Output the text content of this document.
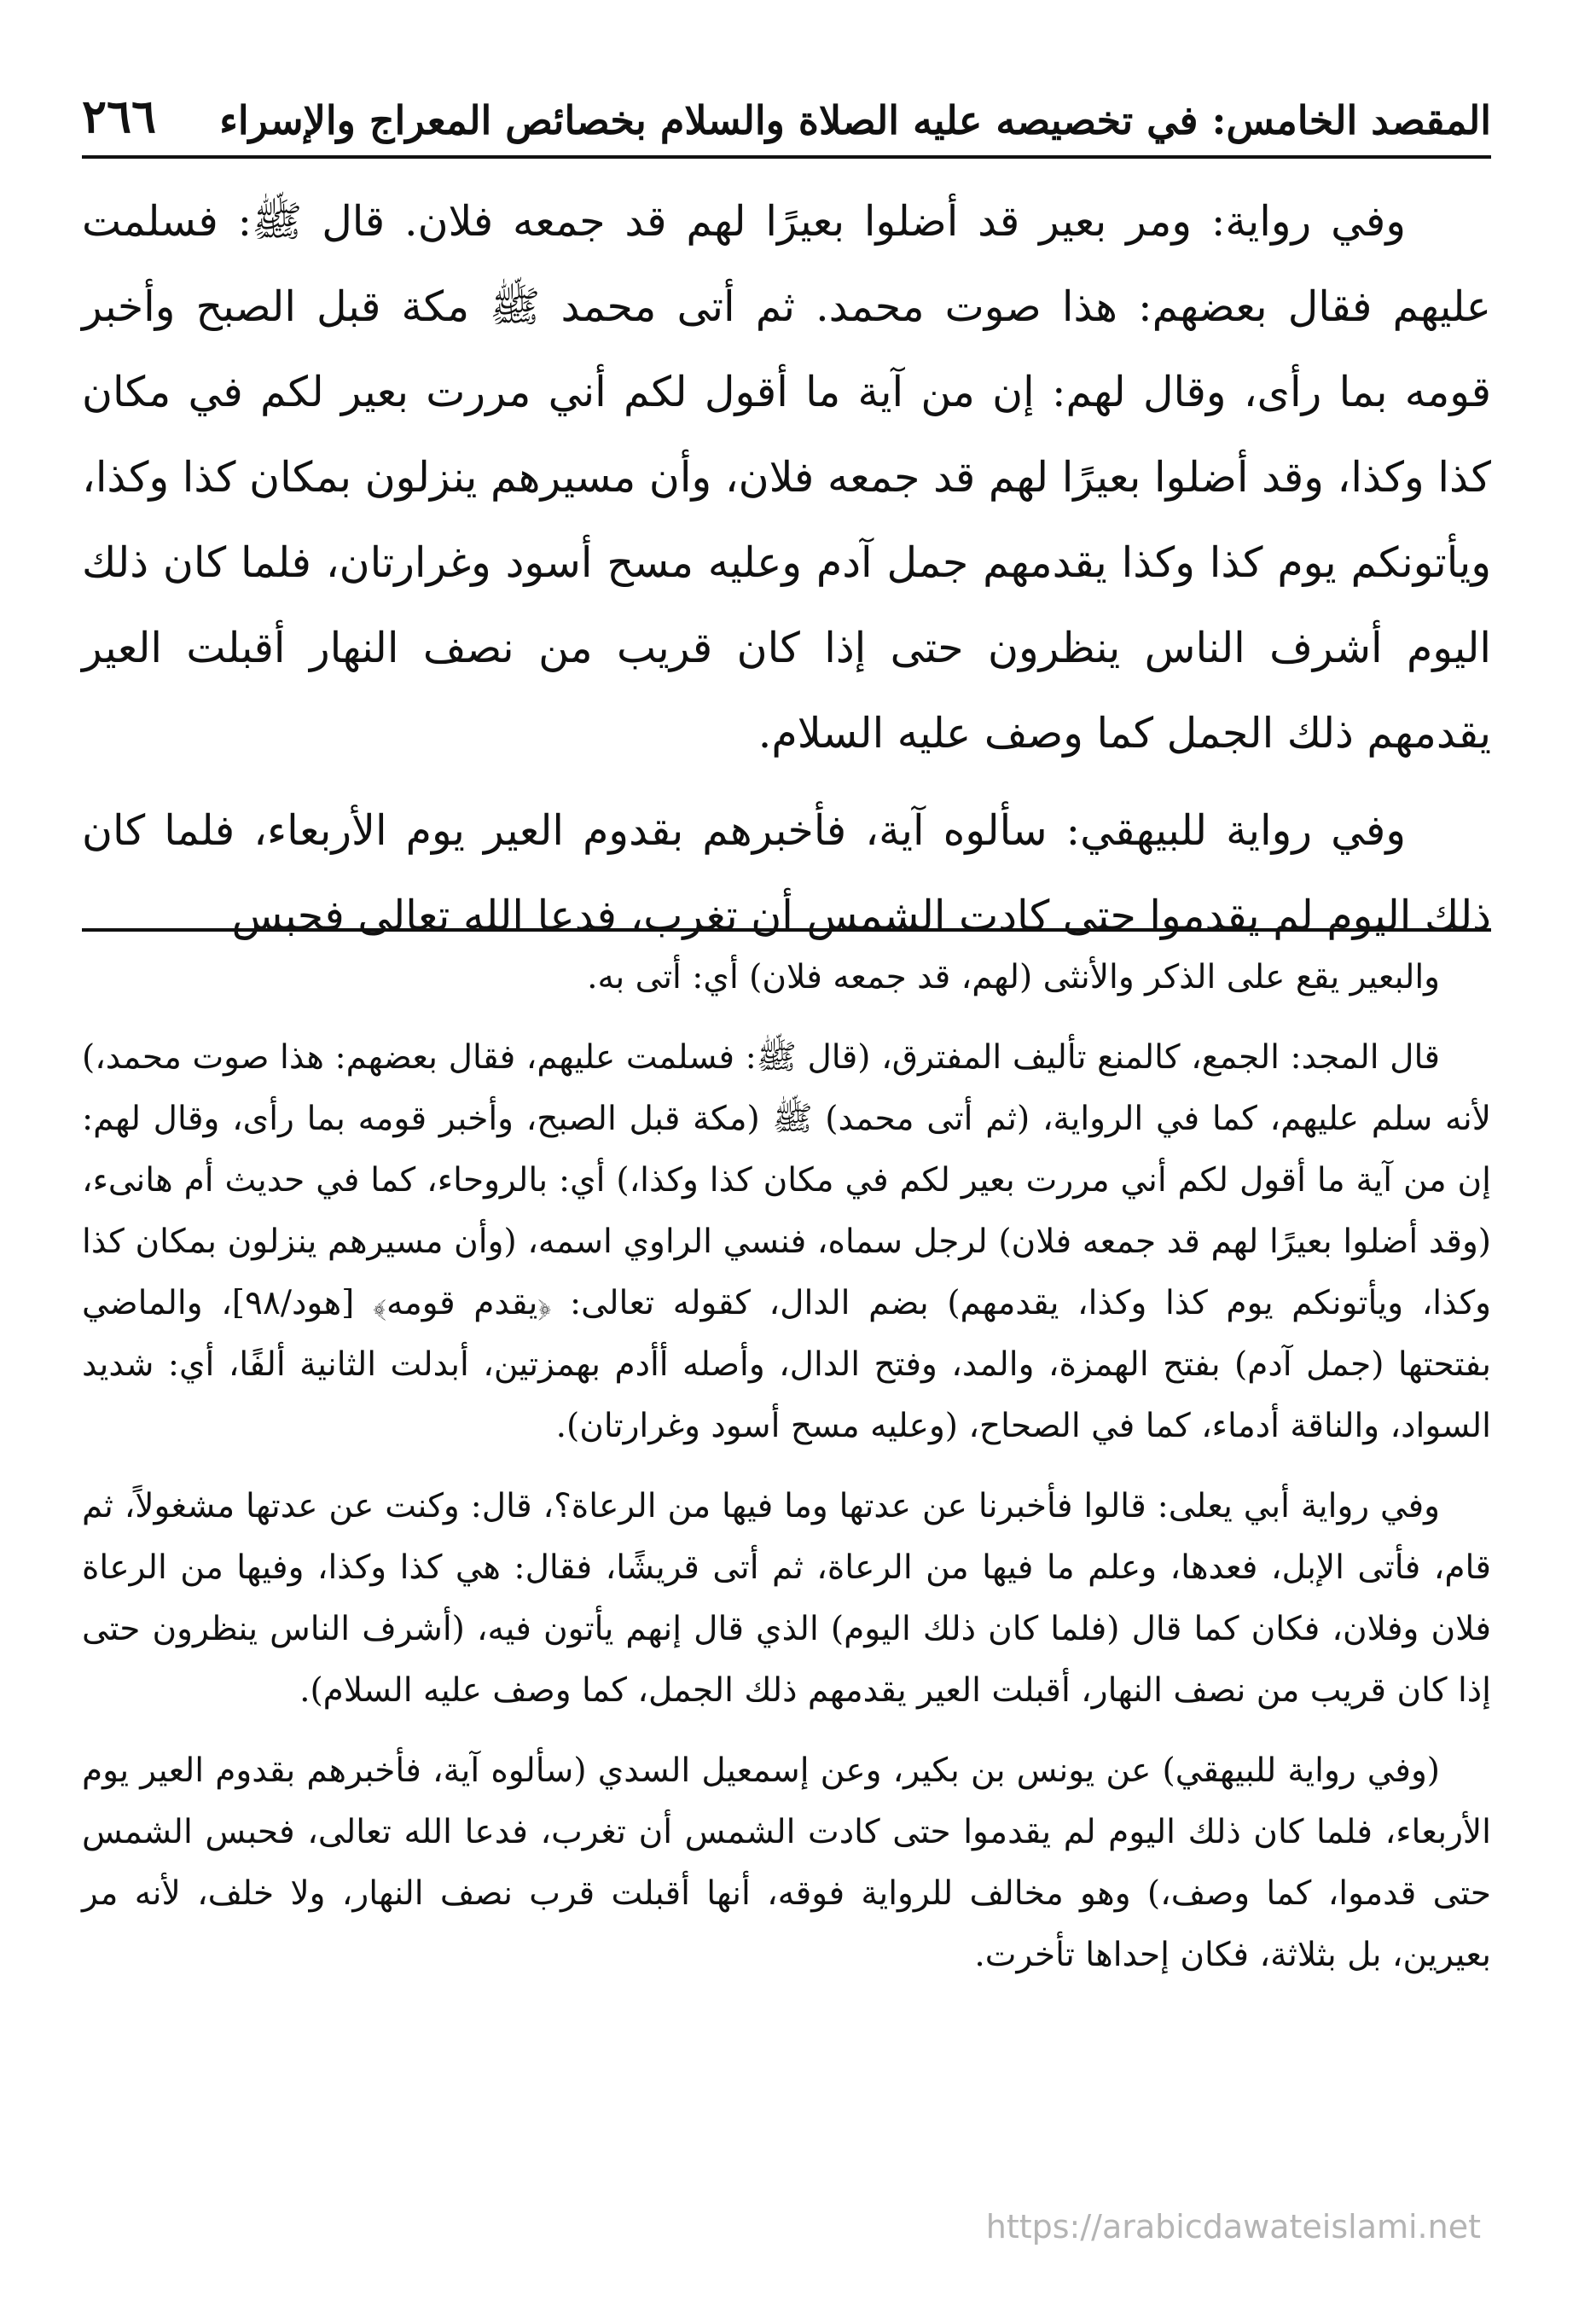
المقصد الخامس: في تخصيصه عليه الصلاة والسلام بخصائص المعراج والإسراء
٢٦٦

وفي رواية: ومر بعير قد أضلوا بعيرًا لهم قد جمعه فلان. قال ﷺ: فسلمت عليهم فقال بعضهم: هذا صوت محمد. ثم أتى محمد ﷺ مكة قبل الصبح وأخبر قومه بما رأى، وقال لهم: إن من آية ما أقول لكم أني مررت بعير لكم في مكان كذا وكذا، وقد أضلوا بعيرًا لهم قد جمعه فلان، وأن مسيرهم ينزلون بمكان كذا وكذا، ويأتونكم يوم كذا وكذا يقدمهم جمل آدم وعليه مسح أسود وغرارتان، فلما كان ذلك اليوم أشرف الناس ينظرون حتى إذا كان قريب من نصف النهار أقبلت العير يقدمهم ذلك الجمل كما وصف عليه السلام.

وفي رواية للبيهقي: سألوه آية، فأخبرهم بقدوم العير يوم الأربعاء، فلما كان ذلك اليوم لم يقدموا حتى كادت الشمس أن تغرب، فدعا الله تعالى فحبس

والبعير يقع على الذكر والأنثى (لهم، قد جمعه فلان) أي: أتى به.

قال المجد: الجمع، كالمنع تأليف المفترق، (قال ﷺ: فسلمت عليهم، فقال بعضهم: هذا صوت محمد،) لأنه سلم عليهم، كما في الرواية، (ثم أتى محمد) ﷺ (مكة قبل الصبح، وأخبر قومه بما رأى، وقال لهم: إن من آية ما أقول لكم أني مررت بعير لكم في مكان كذا وكذا،) أي: بالروحاء، كما في حديث أم هانىء، (وقد أضلوا بعيرًا لهم قد جمعه فلان) لرجل سماه، فنسي الراوي اسمه، (وأن مسيرهم ينزلون بمكان كذا وكذا، ويأتونكم يوم كذا وكذا، يقدمهم) بضم الدال، كقوله تعالى: ﴿يقدم قومه﴾ [هود/٩٨]، والماضي بفتحتها (جمل آدم) بفتح الهمزة، والمد، وفتح الدال، وأصله أأدم بهمزتين، أبدلت الثانية ألفًا، أي: شديد السواد، والناقة أدماء، كما في الصحاح، (وعليه مسح أسود وغرارتان).

وفي رواية أبي يعلى: قالوا فأخبرنا عن عدتها وما فيها من الرعاة؟، قال: وكنت عن عدتها مشغولاً، ثم قام، فأتى الإبل، فعدها، وعلم ما فيها من الرعاة، ثم أتى قريشًا، فقال: هي كذا وكذا، وفيها من الرعاة فلان وفلان، فكان كما قال (فلما كان ذلك اليوم) الذي قال إنهم يأتون فيه، (أشرف الناس ينظرون حتى إذا كان قريب من نصف النهار، أقبلت العير يقدمهم ذلك الجمل، كما وصف عليه السلام).

(وفي رواية للبيهقي) عن يونس بن بكير، وعن إسمعيل السدي (سألوه آية، فأخبرهم بقدوم العير يوم الأربعاء، فلما كان ذلك اليوم لم يقدموا حتى كادت الشمس أن تغرب، فدعا الله تعالى، فحبس الشمس حتى قدموا، كما وصف،) وهو مخالف للرواية فوقه، أنها أقبلت قرب نصف النهار، ولا خلف، لأنه مر بعيرين، بل بثلاثة، فكان إحداها تأخرت.

https://arabicdawateislami.net
